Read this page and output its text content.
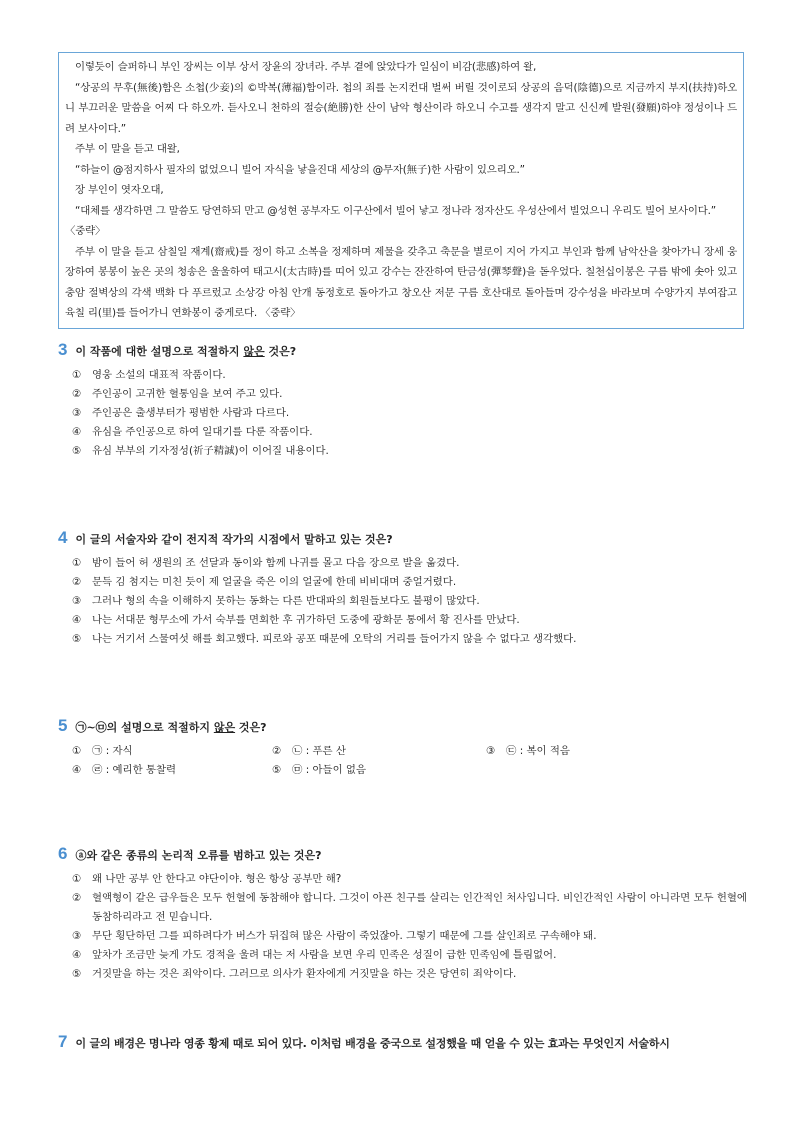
이렇듯이 슬퍼하니 부인 장씨는 이부 상서 장윤의 장녀라. 주부 곁에 앉았다가 일심이 비감(悲感)하여 왈,

“상공의 무후(無後)함은 소첩(少妾)의 ©박복(薄福)함이라. 첩의 죄를 논지컨대 벌써 버릴 것이로되 상공의 음덕(陰德)으로 지금까지 부지(扶持)하오니 부끄러운 말씀을 어찌 다 하오까. 듣사오니 천하의 절승(絶勝)한 산이 남악 형산이라 하오니 수고를 생각지 말고 신신께 발원(發願)하야 정성이나 드려 보사이다.”

주부 이 말을 듣고 대왈,

“하늘이 @점지하사 필자의 없었으니 빌어 자식을 낳을진대 세상의 @무자(無子)한 사람이 있으리오.”

장 부인이 엿자오대,

“대체를 생각하면 그 말씀도 당연하되 만고 @성현 공부자도 이구산에서 빌어 낳고 정나라 정자산도 우성산에서 빌었으니 우리도 빌어 보사이다.”

〈중략〉

주부 이 말을 듣고 삼칠일 재계(齋戒)를 정이 하고 소복을 정제하며 제물을 갖추고 축문을 별로이 지어 가지고 부인과 함께 남악산을 찾아가니 장세 웅장하여 봉봉이 높은 곳의 청송은 울울하여 태고시(太古時)를 띠어 있고 강수는 잔잔하여 탄금성(彈琴聲)을 돋우었다. 칠천십이봉은 구름 밖에 솟아 있고 충암 절벽상의 각색 백화 다 푸르렀고 소상강 아침 안개 동정호로 돌아가고 창오산 저문 구름 호산대로 돌아들며 강수성을 바라보며 수양가지 부여잡고 육칠 리(里)를 들어가니 연화봉이 중게로다. 〈중략〉

3 이 작품에 대한 설명으로 적절하지 않은 것은?
①	영웅 소설의 대표적 작품이다.
②	주인공이 고귀한 혈통임을 보여 주고 있다.
③	주인공은 출생부터가 평범한 사람과 다르다.
④	유심을 주인공으로 하여 일대기를 다룬 작품이다.
⑤	유심 부부의 기자정성(祈子精誠)이 이어질 내용이다.
4 이 글의 서술자와 같이 전지적 작가의 시점에서 말하고 있는 것은?
①	밤이 들어 허 생원의 조 선달과 동이와 함께 나귀를 몰고 다음 장으로 발을 옮겼다.
②	문득 김 첨지는 미친 듯이 제 얼굴을 죽은 이의 얼굴에 한데 비비대며 중얼거렸다.
③	그러나 형의 속을 이해하지 못하는 동화는 다른 반대파의 회원들보다도 불평이 많았다.
④	나는 서대문 형무소에 가서 숙부를 면회한 후 귀가하던 도중에 광화문 통에서 황 진사를 만났다.
⑤	나는 거기서 스물여섯 해를 회고했다. 피로와 공포 때문에 오탁의 거리를 들어가지 않을 수 없다고 생각했다.
5 ㉠~㉤의 설명으로 적절하지 않은 것은?
①	㉠ : 자식	②	㉡ : 푸른 산	③	㉢ : 복이 적음
④	㉣ : 예리한 통찰력	⑤	㉤ : 아들이 없음
6 ⓐ와 같은 종류의 논리적 오류를 범하고 있는 것은?
①	왜 나만 공부 안 한다고 야단이야. 형은 항상 공부만 해?
②	혈액형이 같은 급우들은 모두 헌혈에 동참해야 합니다. 그것이 아픈 친구를 살리는 인간적인 처사입니다. 비인간적인 사람이 아니라면 모두 헌혈에 동참하리라고 전 믿습니다.
③	무단 횡단하던 그를 피하려다가 버스가 뒤집혀 많은 사람이 죽었잖아. 그렇기 때문에 그를 살인죄로 구속해야 돼.
④	앞차가 조금만 늦게 가도 경적을 울려 대는 저 사람을 보면 우리 민족은 성질이 급한 민족임에 틀림없어.
⑤	거짓말을 하는 것은 죄악이다. 그러므로 의사가 환자에게 거짓말을 하는 것은 당연히 죄악이다.
7 이 글의 배경은 명나라 영종 황제 때로 되어 있다. 이처럼 배경을 중국으로 설정했을 때 얻을 수 있는 효과는 무엇인지 서술하시
